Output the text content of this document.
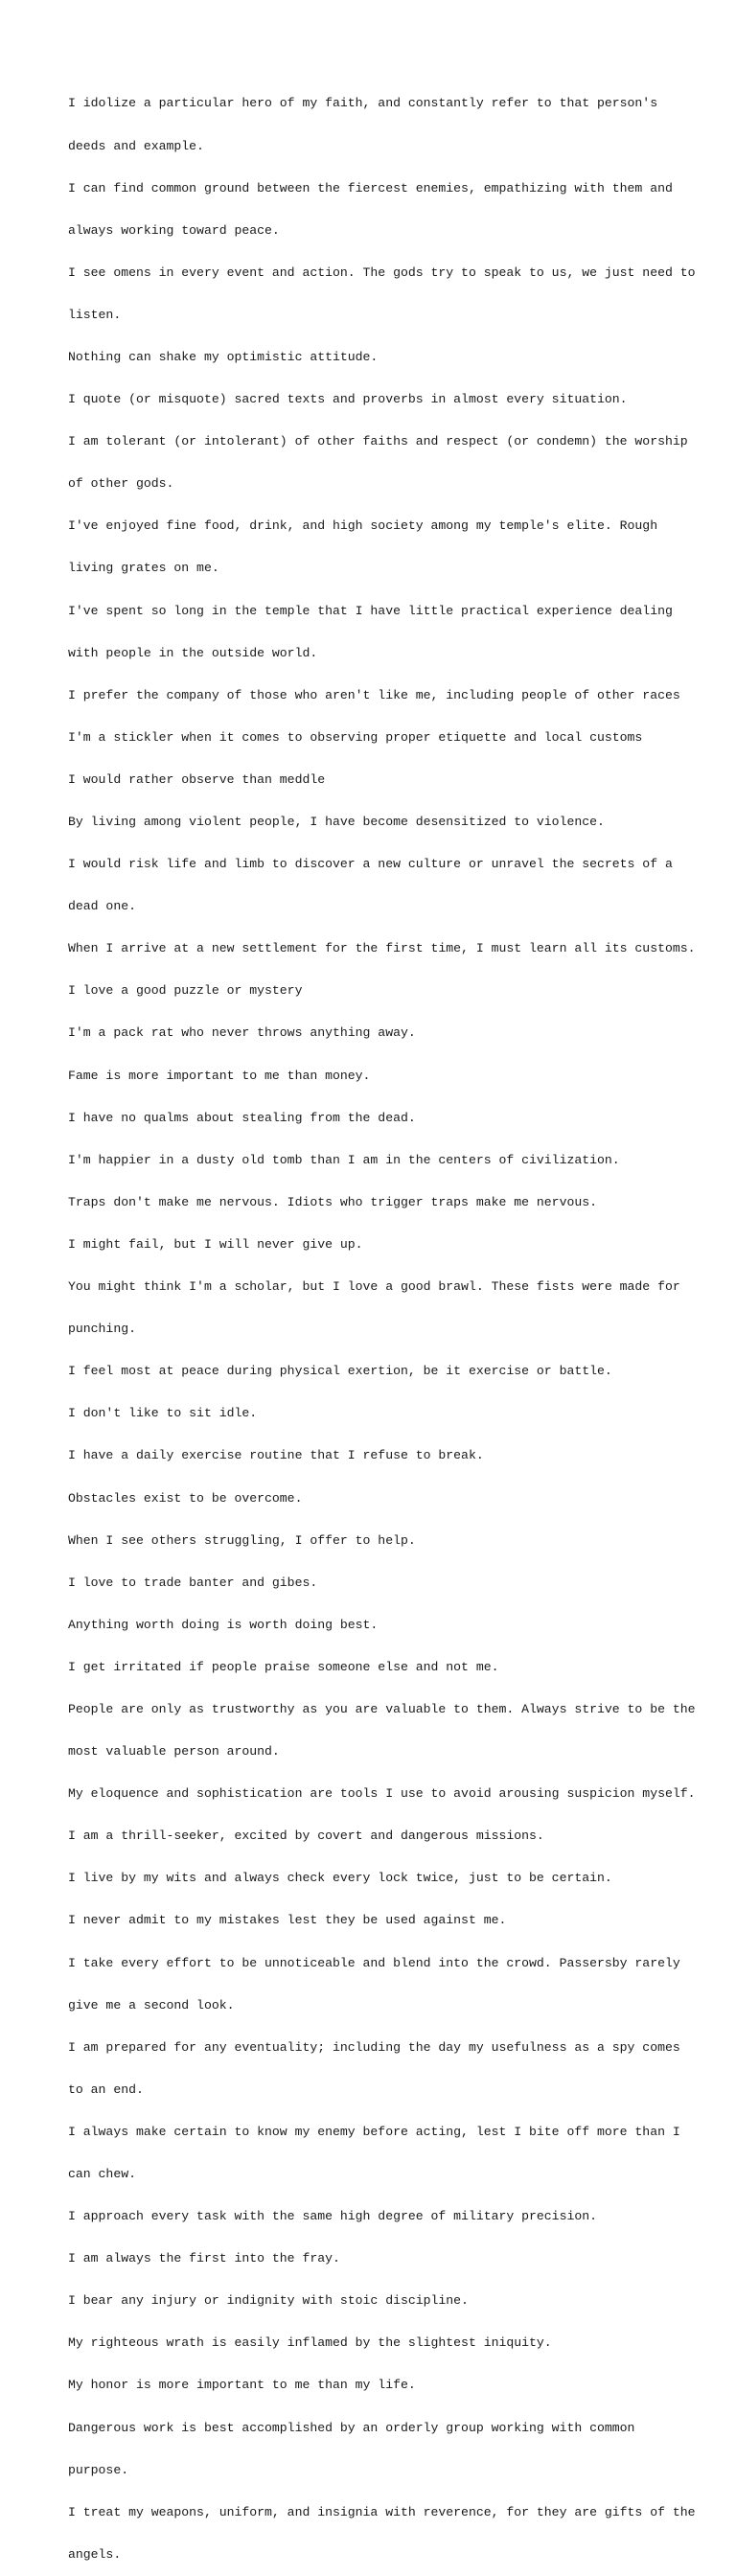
I idolize a particular hero of my faith, and constantly refer to that person's

deeds and example.

I can find common ground between the fiercest enemies, empathizing with them and

always working toward peace.

I see omens in every event and action. The gods try to speak to us, we just need to

listen.

Nothing can shake my optimistic attitude.

I quote (or misquote) sacred texts and proverbs in almost every situation.

I am tolerant (or intolerant) of other faiths and respect (or condemn) the worship

of other gods.

I've enjoyed fine food, drink, and high society among my temple's elite. Rough

living grates on me.

I've spent so long in the temple that I have little practical experience dealing

with people in the outside world.

I prefer the company of those who aren't like me, including people of other races

I'm a stickler when it comes to observing proper etiquette and local customs

I would rather observe than meddle

By living among violent people, I have become desensitized to violence.

I would risk life and limb to discover a new culture or unravel the secrets of a

dead one.

When I arrive at a new settlement for the first time, I must learn all its customs.

I love a good puzzle or mystery

I'm a pack rat who never throws anything away.

Fame is more important to me than money.

I have no qualms about stealing from the dead.

I'm happier in a dusty old tomb than I am in the centers of civilization.

Traps don't make me nervous. Idiots who trigger traps make me nervous.

I might fail, but I will never give up.

You might think I'm a scholar, but I love a good brawl. These fists were made for

punching.

I feel most at peace during physical exertion, be it exercise or battle.

I don't like to sit idle.

I have a daily exercise routine that I refuse to break.

Obstacles exist to be overcome.

When I see others struggling, I offer to help.

I love to trade banter and gibes.

Anything worth doing is worth doing best.

I get irritated if people praise someone else and not me.

People are only as trustworthy as you are valuable to them. Always strive to be the

most valuable person around.

My eloquence and sophistication are tools I use to avoid arousing suspicion myself.

I am a thrill-seeker, excited by covert and dangerous missions.

I live by my wits and always check every lock twice, just to be certain.

I never admit to my mistakes lest they be used against me.

I take every effort to be unnoticeable and blend into the crowd. Passersby rarely

give me a second look.

I am prepared for any eventuality; including the day my usefulness as a spy comes

to an end.

I always make certain to know my enemy before acting, lest I bite off more than I

can chew.

I approach every task with the same high degree of military precision.

I am always the first into the fray.

I bear any injury or indignity with stoic discipline.

My righteous wrath is easily inflamed by the slightest iniquity.

My honor is more important to me than my life.

Dangerous work is best accomplished by an orderly group working with common

purpose.

I treat my weapons, uniform, and insignia with reverence, for they are gifts of the

angels.
